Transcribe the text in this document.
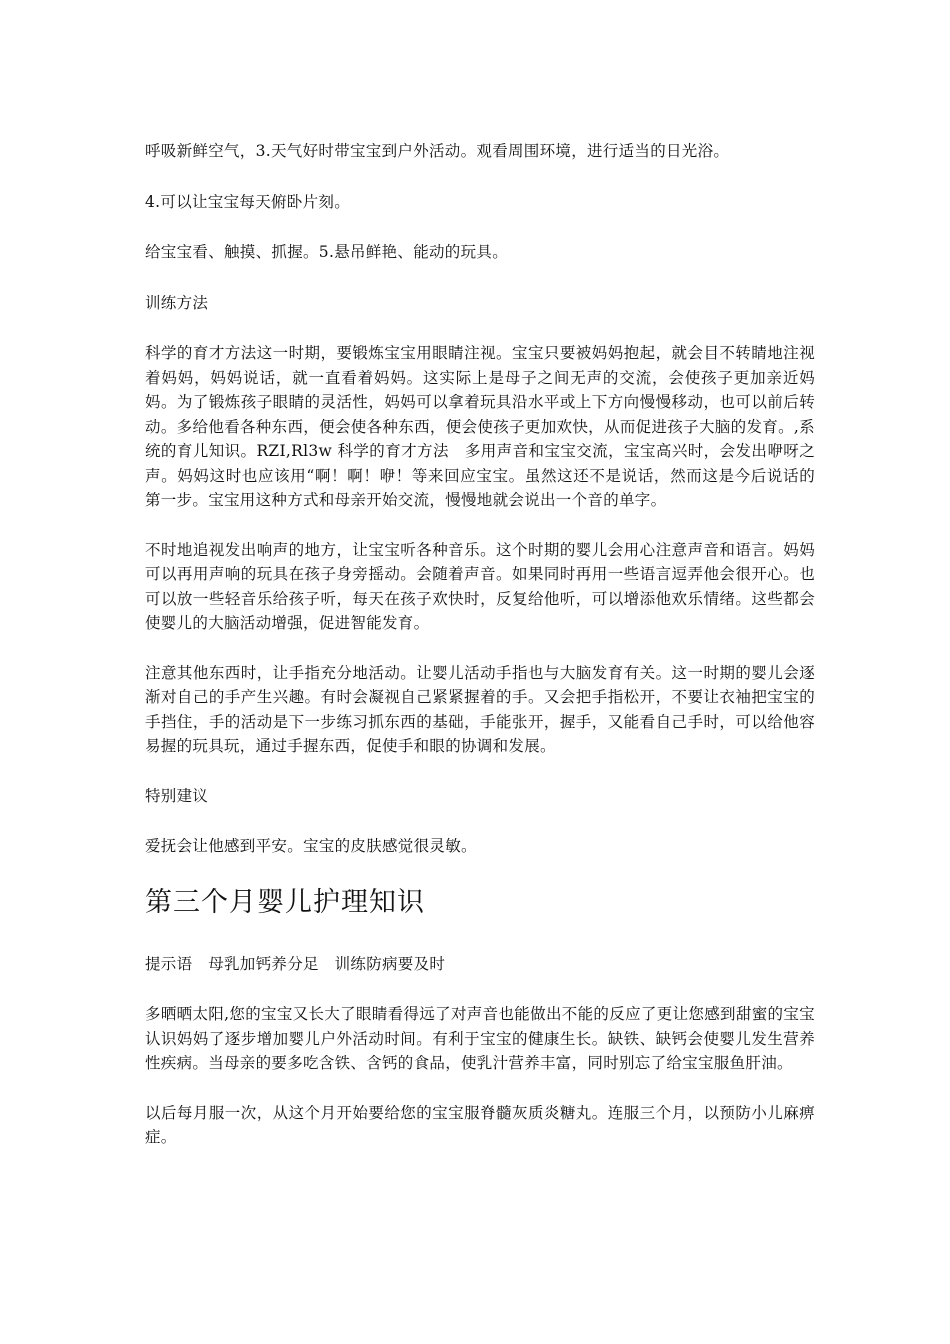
呼吸新鲜空气，3.天气好时带宝宝到户外活动。观看周围环境，进行适当的日光浴。

4.可以让宝宝每天俯卧片刻。

给宝宝看、触摸、抓握。5.悬吊鲜艳、能动的玩具。

训练方法

科学的育才方法这一时期，要锻炼宝宝用眼睛注视。宝宝只要被妈妈抱起，就会目不转睛地注视着妈妈，妈妈说话，就一直看着妈妈。这实际上是母子之间无声的交流，会使孩子更加亲近妈妈。为了锻炼孩子眼睛的灵活性，妈妈可以拿着玩具沿水平或上下方向慢慢移动，也可以前后转动。多给他看各种东西，便会使各种东西，便会使孩子更加欢快，从而促进孩子大脑的发育。,系统的育儿知识。RZI,Rl3w 科学的育才方法　多用声音和宝宝交流，宝宝高兴时，会发出咿呀之声。妈妈这时也应该用“啊！啊！咿！等来回应宝宝。虽然这还不是说话，然而这是今后说话的第一步。宝宝用这种方式和母亲开始交流，慢慢地就会说出一个音的单字。

不时地追视发出响声的地方，让宝宝听各种音乐。这个时期的婴儿会用心注意声音和语言。妈妈可以再用声响的玩具在孩子身旁摇动。会随着声音。如果同时再用一些语言逗弄他会很开心。也可以放一些轻音乐给孩子听，每天在孩子欢快时，反复给他听，可以增添他欢乐情绪。这些都会使婴儿的大脑活动增强，促进智能发育。

注意其他东西时，让手指充分地活动。让婴儿活动手指也与大脑发育有关。这一时期的婴儿会逐渐对自己的手产生兴趣。有时会凝视自己紧紧握着的手。又会把手指松开，不要让衣袖把宝宝的手挡住，手的活动是下一步练习抓东西的基础，手能张开，握手，又能看自己手时，可以给他容易握的玩具玩，通过手握东西，促使手和眼的协调和发展。

特别建议

爱抚会让他感到平安。宝宝的皮肤感觉很灵敏。

第三个月婴儿护理知识

提示语　母乳加钙养分足　训练防病要及时

多晒晒太阳,您的宝宝又长大了眼睛看得远了对声音也能做出不能的反应了更让您感到甜蜜的宝宝认识妈妈了逐步增加婴儿户外活动时间。有利于宝宝的健康生长。缺铁、缺钙会使婴儿发生营养性疾病。当母亲的要多吃含铁、含钙的食品，使乳汁营养丰富，同时别忘了给宝宝服鱼肝油。

以后每月服一次，从这个月开始要给您的宝宝服脊髓灰质炎糖丸。连服三个月，以预防小儿麻痹症。
